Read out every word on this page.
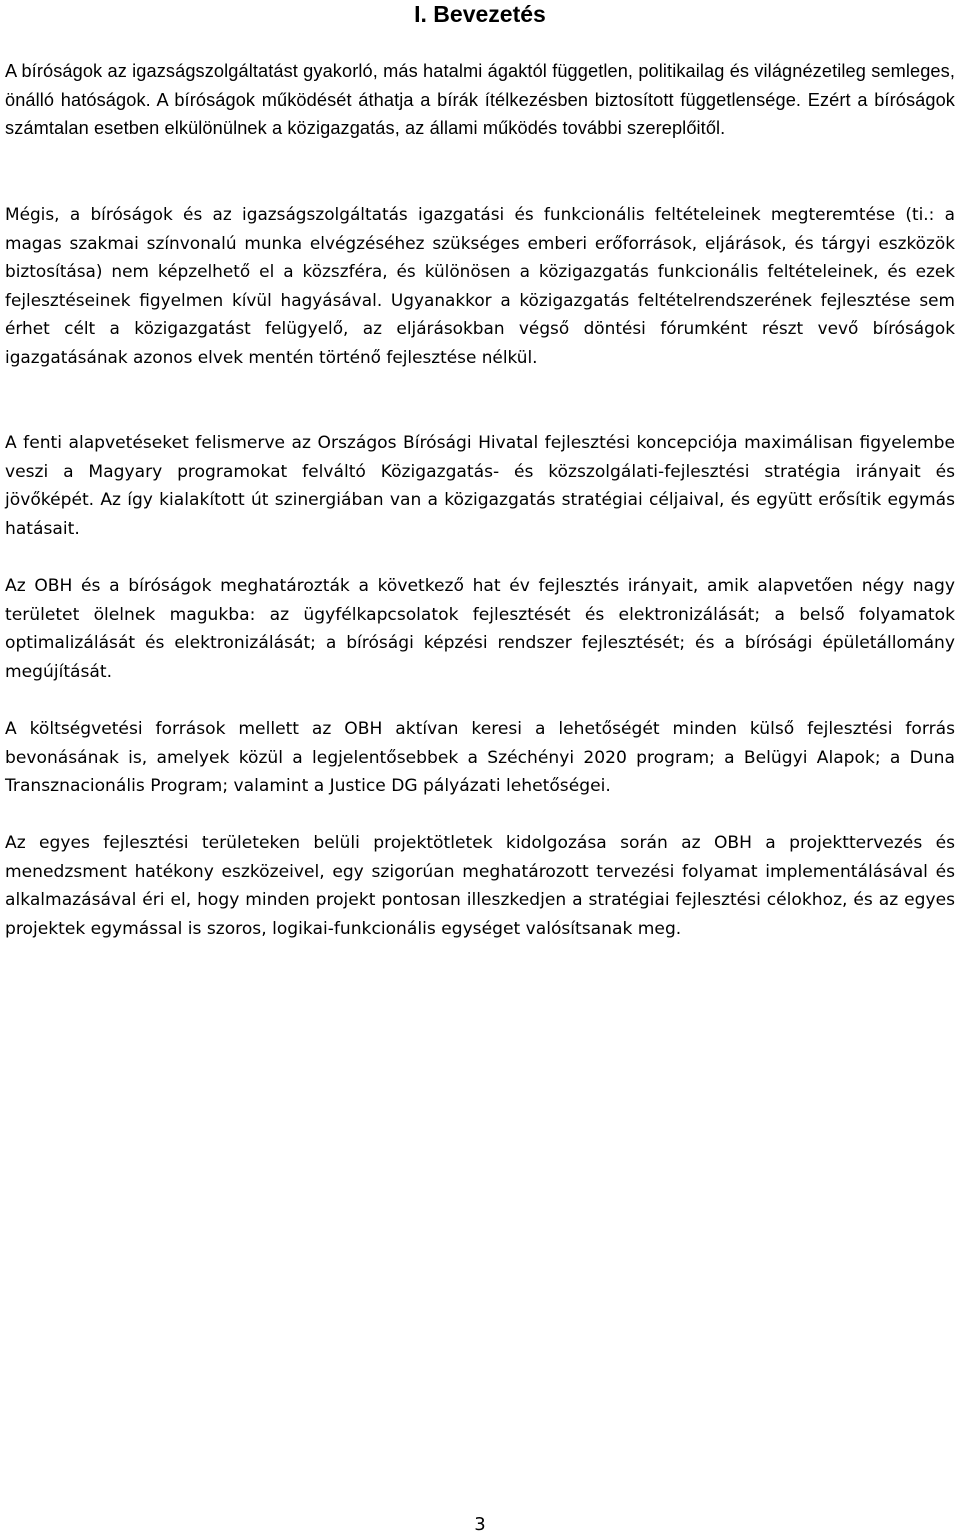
I. Bevezetés

A bíróságok az igazságszolgáltatást gyakorló, más hatalmi ágaktól független, politikailag és világnézetileg semleges, önálló hatóságok. A bíróságok működését áthatja a bírák ítélkezésben biztosított függetlensége. Ezért a bíróságok számtalan esetben elkülönülnek a közigazgatás, az állami működés további szereplőitől.

Mégis, a bíróságok és az igazságszolgáltatás igazgatási és funkcionális feltételeinek megteremtése (ti.: a magas szakmai színvonalú munka elvégzéséhez szükséges emberi erőforrások, eljárások, és tárgyi eszközök biztosítása) nem képzelhető el a közszféra, és különösen a közigazgatás funkcionális feltételeinek, és ezek fejlesztéseinek figyelmen kívül hagyásával. Ugyanakkor a közigazgatás feltételrendszerének fejlesztése sem érhet célt a közigazgatást felügyelő, az eljárásokban végső döntési fórumként részt vevő bíróságok igazgatásának azonos elvek mentén történő fejlesztése nélkül.

A fenti alapvetéseket felismerve az Országos Bírósági Hivatal fejlesztési koncepciója maximálisan figyelembe veszi a Magyary programokat felváltó Közigazgatás- és közszolgálati-fejlesztési stratégia irányait és jövőképét. Az így kialakított út szinergiában van a közigazgatás stratégiai céljaival, és együtt erősítik egymás hatásait.

Az OBH és a bíróságok meghatározták a következő hat év fejlesztés irányait, amik alapvetően négy nagy területet ölelnek magukba: az ügyfélkapcsolatok fejlesztését és elektronizálását; a belső folyamatok optimalizálását és elektronizálását; a bírósági képzési rendszer fejlesztését; és a bírósági épületállomány megújítását.

A költségvetési források mellett az OBH aktívan keresi a lehetőségét minden külső fejlesztési forrás bevonásának is, amelyek közül a legjelentősebbek a Széchényi 2020 program; a Belügyi Alapok; a Duna Transznacionális Program; valamint a Justice DG pályázati lehetőségei.

Az egyes fejlesztési területeken belüli projektötletek kidolgozása során az OBH a projekttervezés és menedzsment hatékony eszközeivel, egy szigorúan meghatározott tervezési folyamat implementálásával és alkalmazásával éri el, hogy minden projekt pontosan illeszkedjen a stratégiai fejlesztési célokhoz, és az egyes projektek egymással is szoros, logikai-funkcionális egységet valósítsanak meg.

3
